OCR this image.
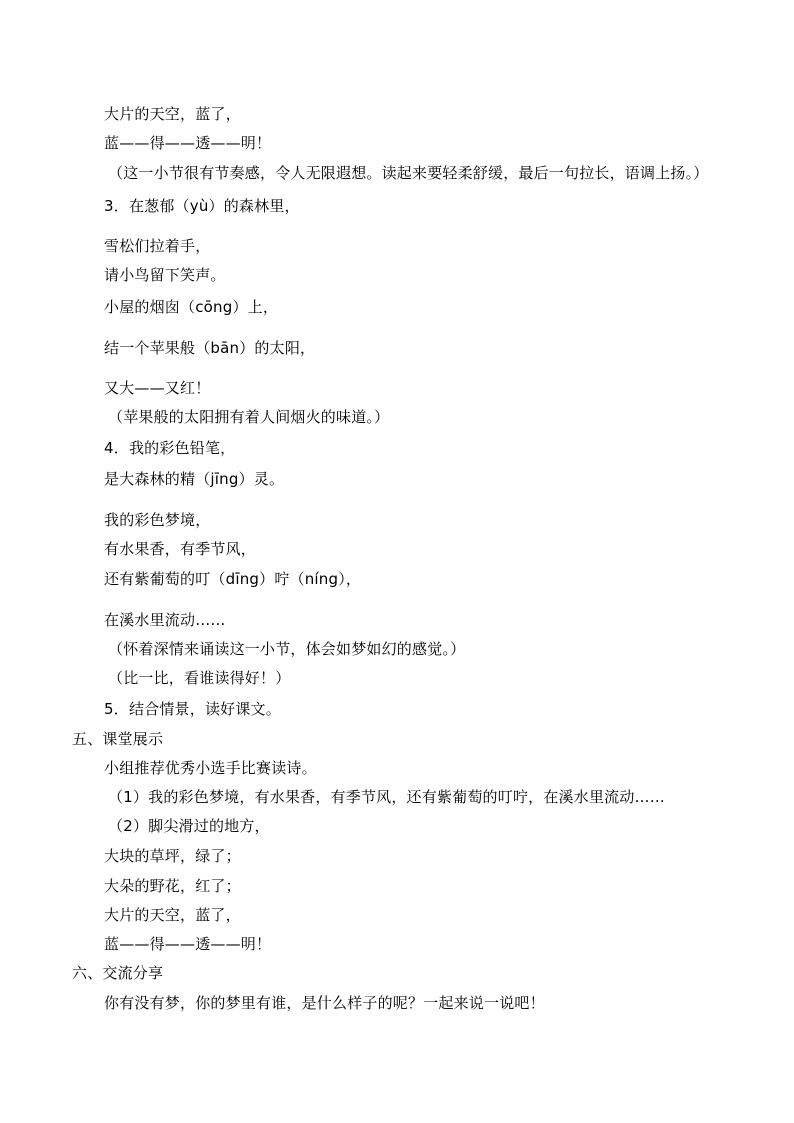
大片的天空，蓝了，
蓝——得——透——明！
（这一小节很有节奏感，令人无限遐想。读起来要轻柔舒缓，最后一句拉长，语调上扬。）
3．在葱郁（yù）的森林里，
雪松们拉着手，
请小鸟留下笑声。
小屋的烟囱（cōng）上，
结一个苹果般（bān）的太阳，
又大——又红！
（苹果般的太阳拥有着人间烟火的味道。）
4．我的彩色铅笔，
是大森林的精（jīng）灵。
我的彩色梦境，
有水果香，有季节风，
还有紫葡萄的叮（dīng）咛（níng），
在溪水里流动……
（怀着深情来诵读这一小节，体会如梦如幻的感觉。）
（比一比，看谁读得好！）
5．结合情景，读好课文。
五、课堂展示
小组推荐优秀小选手比赛读诗。
（1）我的彩色梦境，有水果香，有季节风，还有紫葡萄的叮咛，在溪水里流动……
（2）脚尖滑过的地方，
大块的草坪，绿了；
大朵的野花，红了；
大片的天空，蓝了，
蓝——得——透——明！
六、交流分享
你有没有梦，你的梦里有谁，是什么样子的呢？一起来说一说吧！
